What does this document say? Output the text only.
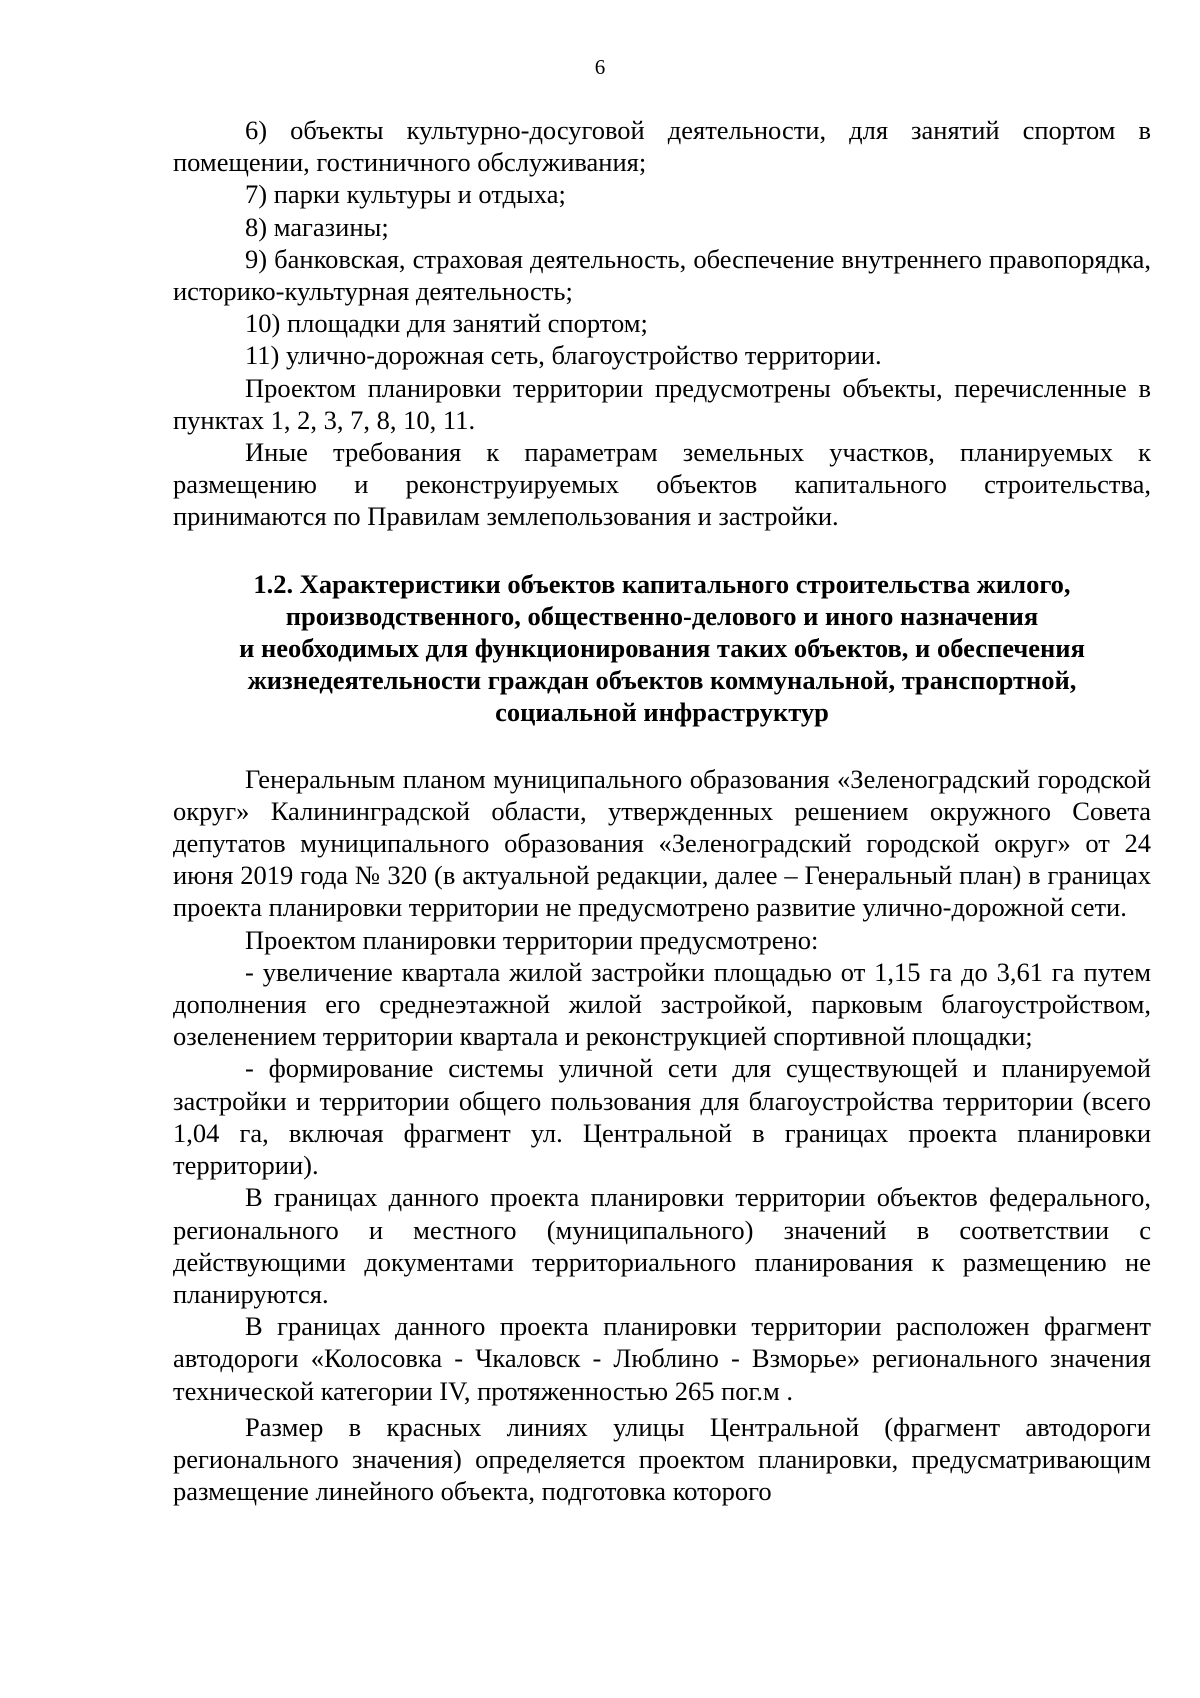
6

6) объекты культурно-досуговой деятельности, для занятий спортом в помещении, гостиничного обслуживания;

7) парки культуры и отдыха;

8) магазины;

9) банковская, страховая деятельность, обеспечение внутреннего правопорядка, историко-культурная деятельность;

10) площадки для занятий спортом;

11) улично-дорожная сеть, благоустройство территории.

Проектом планировки территории предусмотрены объекты, перечисленные в пунктах 1, 2, 3, 7, 8, 10, 11.

Иные требования к параметрам земельных участков, планируемых к размещению и реконструируемых объектов капитального строительства, принимаются по Правилам землепользования и застройки.

1.2. Характеристики объектов капитального строительства жилого,
производственного, общественно-делового и иного назначения
и необходимых для функционирования таких объектов, и обеспечения
жизнедеятельности граждан объектов коммунальной, транспортной,
социальной инфраструктур

Генеральным планом муниципального образования «Зеленоградский городской округ» Калининградской области, утвержденных решением окружного Совета депутатов муниципального образования «Зеленоградский городской округ» от 24 июня 2019 года № 320 (в актуальной редакции, далее – Генеральный план) в границах проекта планировки территории не предусмотрено развитие улично-дорожной сети.

Проектом планировки территории предусмотрено:

- увеличение квартала жилой застройки площадью от 1,15 га до 3,61 га путем дополнения его среднеэтажной жилой застройкой, парковым благоустройством, озеленением территории квартала и реконструкцией спортивной площадки;

- формирование системы уличной сети для существующей и планируемой застройки и территории общего пользования для благоустройства территории (всего 1,04 га, включая фрагмент ул. Центральной в границах проекта планировки территории).

В границах данного проекта планировки территории объектов федерального, регионального и местного (муниципального) значений в соответствии с действующими документами территориального планирования к размещению не планируются.

В границах данного проекта планировки территории расположен фрагмент автодороги «Колосовка - Чкаловск - Люблино - Взморье» регионального значения технической категории IV, протяженностью 265 пог.м .

Размер в красных линиях улицы Центральной (фрагмент автодороги регионального значения) определяется проектом планировки, предусматривающим размещение линейного объекта, подготовка которого
